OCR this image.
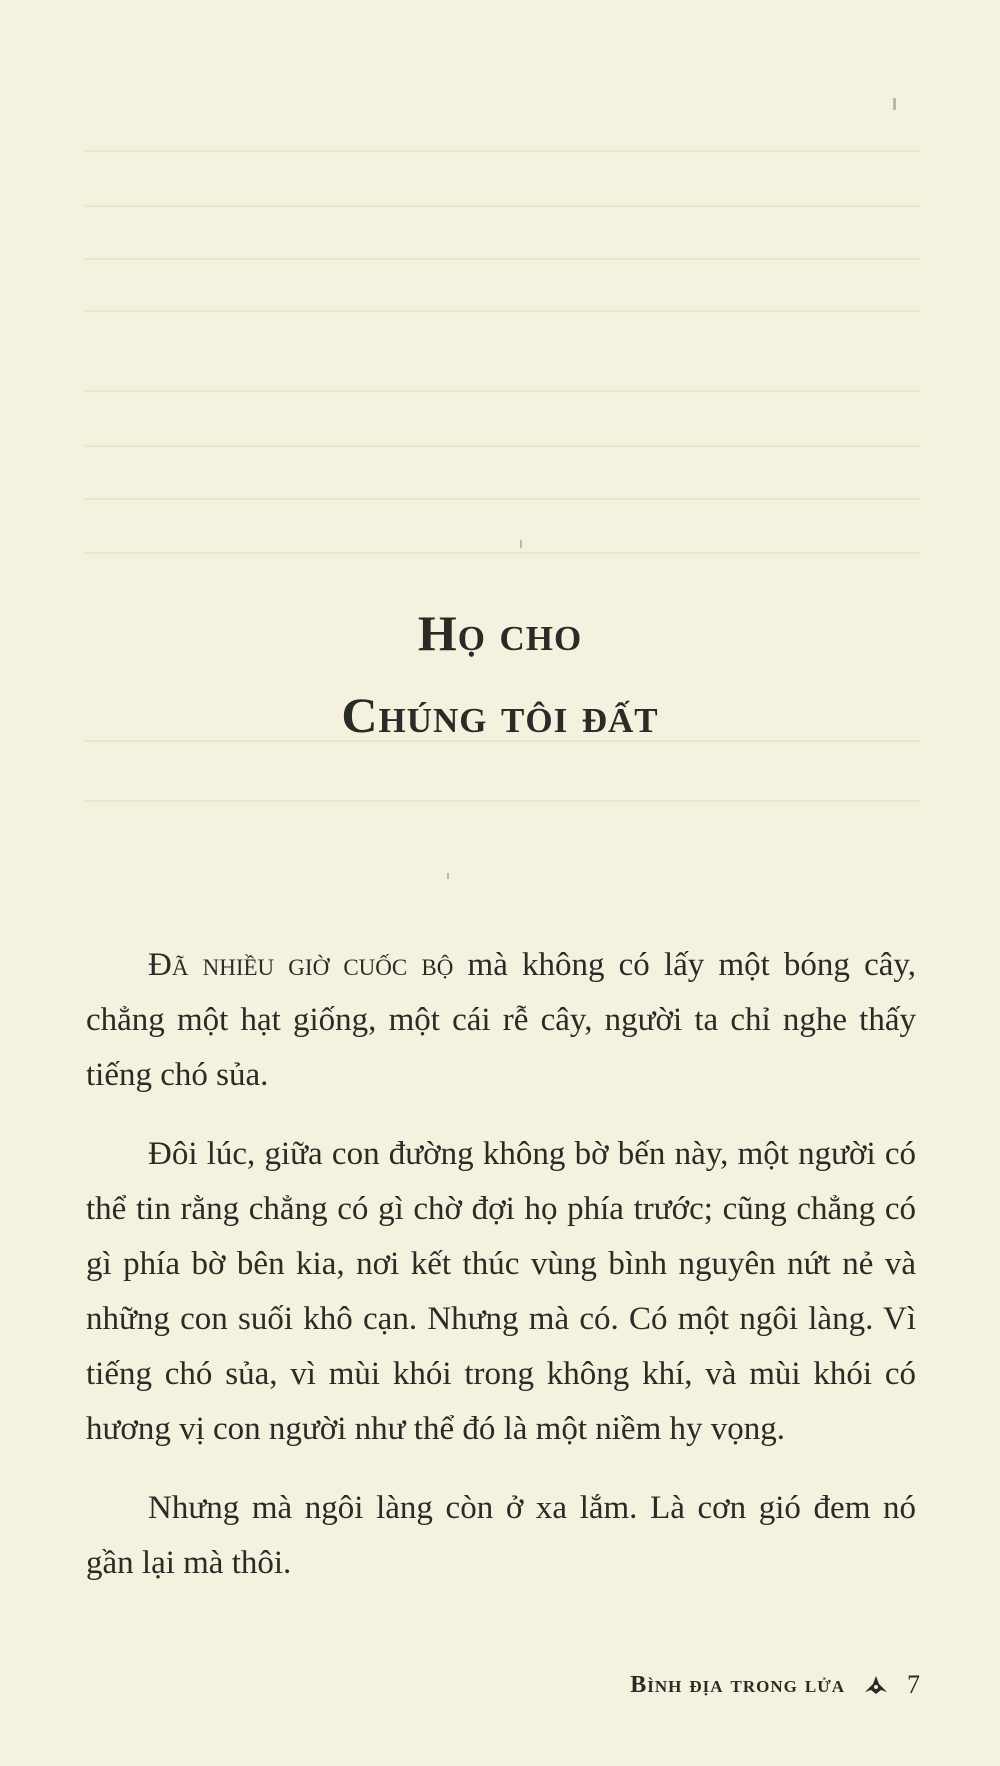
Họ cho
Chúng tôi đất

Đã nhiều giờ cuốc bộ mà không có lấy một bóng cây, chẳng một hạt giống, một cái rễ cây, người ta chỉ nghe thấy tiếng chó sủa.

Đôi lúc, giữa con đường không bờ bến này, một người có thể tin rằng chẳng có gì chờ đợi họ phía trước; cũng chẳng có gì phía bờ bên kia, nơi kết thúc vùng bình nguyên nứt nẻ và những con suối khô cạn. Nhưng mà có. Có một ngôi làng. Vì tiếng chó sủa, vì mùi khói trong không khí, và mùi khói có hương vị con người như thể đó là một niềm hy vọng.

Nhưng mà ngôi làng còn ở xa lắm. Là cơn gió đem nó gần lại mà thôi.

Bình địa trong lửa 7
